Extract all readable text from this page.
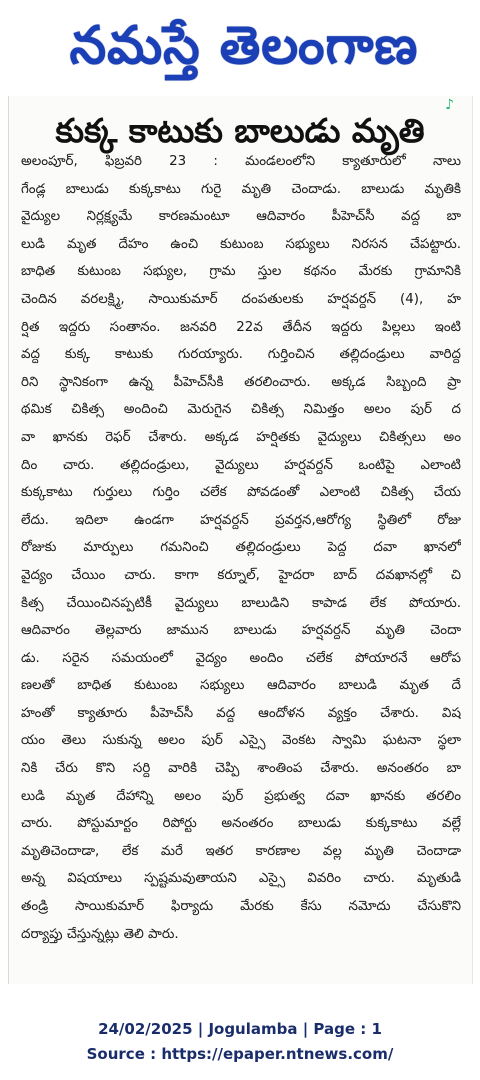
నమస్తే తెలంగాణ
♪
కుక్క కాటుకు బాలుడు మృతి
అలంపూర్‌, ఫిబ్రవరి 23 : మండలంలోని క్యాతూరులో నాలు
గేండ్ల బాలుడు కుక్కకాటు గురై మృతి చెందాడు. బాలుడు మృతికి
వైద్యుల నిర్లక్ష్యమే కారణమంటూ ఆదివారం పీహెచ్‌సీ వద్ద బా
లుడి మృత దేహం ఉంచి కుటుంబ సభ్యులు నిరసన చేపట్టారు.
బాధిత కుటుంబ సభ్యుల, గ్రామ స్తుల కథనం మేరకు గ్రామానికి
చెందిన వరలక్ష్మి, సాయికుమార్‌ దంపతులకు హర్షవర్దన్‌ (4), హ
ర్షిత ఇద్దరు సంతానం. జనవరి 22వ తేదీన ఇద్దరు పిల్లలు ఇంటి
వద్ద కుక్క కాటుకు గురయ్యారు. గుర్తించిన తల్లిదండ్రులు వారిద్ద
రిని స్థానికంగా ఉన్న పీహెచ్‌సీకి తరలించారు. అక్కడ సిబ్బంది ప్రా
థమిక చికిత్స అందించి మెరుగైన చికిత్స నిమిత్తం అలం పుర్‌ ద
వా ఖానకు రెఫర్‌ చేశారు. అక్కడ హర్షితకు వైద్యులు చికిత్సలు అం
దిం చారు. తల్లిదండ్రులు, వైద్యులు హర్షవర్దన్‌ ఒంటిపై ఎలాంటి
కుక్కకాటు గుర్తులు గుర్తిం చలేక పోవడంతో ఎలాంటి చికిత్స చేయ
లేదు. ఇదిలా ఉండగా హర్షవర్దన్‌ ప్రవర్తన,ఆరోగ్య స్థితిలో రోజు
రోజుకు మార్పులు గమనించి తల్లిదండ్రులు పెద్ద దవా ఖానలో
వైద్యం చేయిం చారు. కాగా కర్నూల్‌, హైదరా బాద్‌ దవఖానల్లో చి
కిత్స చేయించినప్పటికీ వైద్యులు బాలుడిని కాపాడ లేక పోయారు.
ఆదివారం తెల్లవారు జామున బాలుడు హర్షవర్దన్‌ మృతి చెందా
డు. సరైన సమయంలో వైద్యం అందిం చలేక పోయారనే ఆరోప
ణలతో బాధిత కుటుంబ సభ్యులు ఆదివారం బాలుడి మృత దే
హంతో క్యాతూరు పీహెచ్‌సీ వద్ద ఆందోళన వ్యక్తం చేశారు. విష
యం తెలు సుకున్న అలం పుర్‌ ఎస్సై వెంకట స్వామి ఘటనా స్థలా
నికి చేరు కొని సర్ది వారికి చెప్పి శాంతింప చేశారు. అనంతరం బా
లుడి మృత దేహాన్ని అలం పుర్‌ ప్రభుత్వ దవా ఖానకు తరలిం
చారు. పోస్టుమార్టం రిపోర్టు అనంతరం బాలుడు కుక్కకాటు వల్లే
మృతిచెందాడా, లేక మరే ఇతర కారణాల వల్ల మృతి చెందాడా
అన్న విషయాలు స్పష్టమవుతాయని ఎస్సై వివరిం చారు. మృతుడి
తండ్రి సాయికుమార్‌ ఫిర్యాదు మేరకు కేసు నమోదు చేసుకొని
దర్యాప్తు చేస్తున్నట్లు తెలి పారు.
24/02/2025 | Jogulamba | Page : 1
Source : https://epaper.ntnews.com/
